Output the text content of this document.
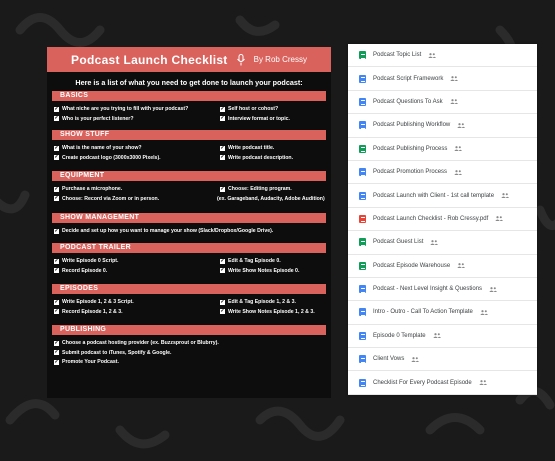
Podcast Launch Checklist	By Rob Cressy
Here is a list of what you need to get done to launch your podcast:
BASICS
✓ What niche are you trying to fill with your podcast?
✓ Who is your perfect listener?
✓ Self host or cohost?
✓ Interview format or topic.
SHOW STUFF
✓ What is the name of your show?
✓ Create podcast logo (3000x3000 Pixels).
✓ Write podcast title.
✓ Write podcast description.
EQUIPMENT
✓ Purchase a microphone.
✓ Choose: Record via Zoom or in person.
✓ Choose: Editing program.
(ex. Garageband, Audacity, Adobe Audition)
SHOW MANAGEMENT
✓ Decide and set up how you want to manage your show (Slack/Dropbox/Google Drive).
PODCAST TRAILER
✓ Write Episode 0 Script.
✓ Record Episode 0.
✓ Edit & Tag Episode 0.
✓ Write Show Notes Episode 0.
EPISODES
✓ Write Episode 1, 2 & 3 Script.
✓ Record Episode 1, 2 & 3.
✓ Edit & Tag Episode 1, 2 & 3.
✓ Write Show Notes Episode 1, 2 & 3.
PUBLISHING
✓ Choose a podcast hosting provider (ex. Buzzsprout or Blubrry).
✓ Submit podcast to iTunes, Spotify & Google.
✓ Promote Your Podcast.
Podcast Topic List
Podcast Script Framework
Podcast Questions To Ask
Podcast Publishing Workflow
Podcast Publishing Process
Podcast Promotion Process
Podcast Launch with Client - 1st call template
Podcast Launch Checklist - Rob Cressy.pdf
Podcast Guest List
Podcast Episode Warehouse
Podcast - Next Level Insight & Questions
Intro - Outro - Call To Action Template
Episode 0 Template
Client Vows
Checklist For Every Podcast Episode
